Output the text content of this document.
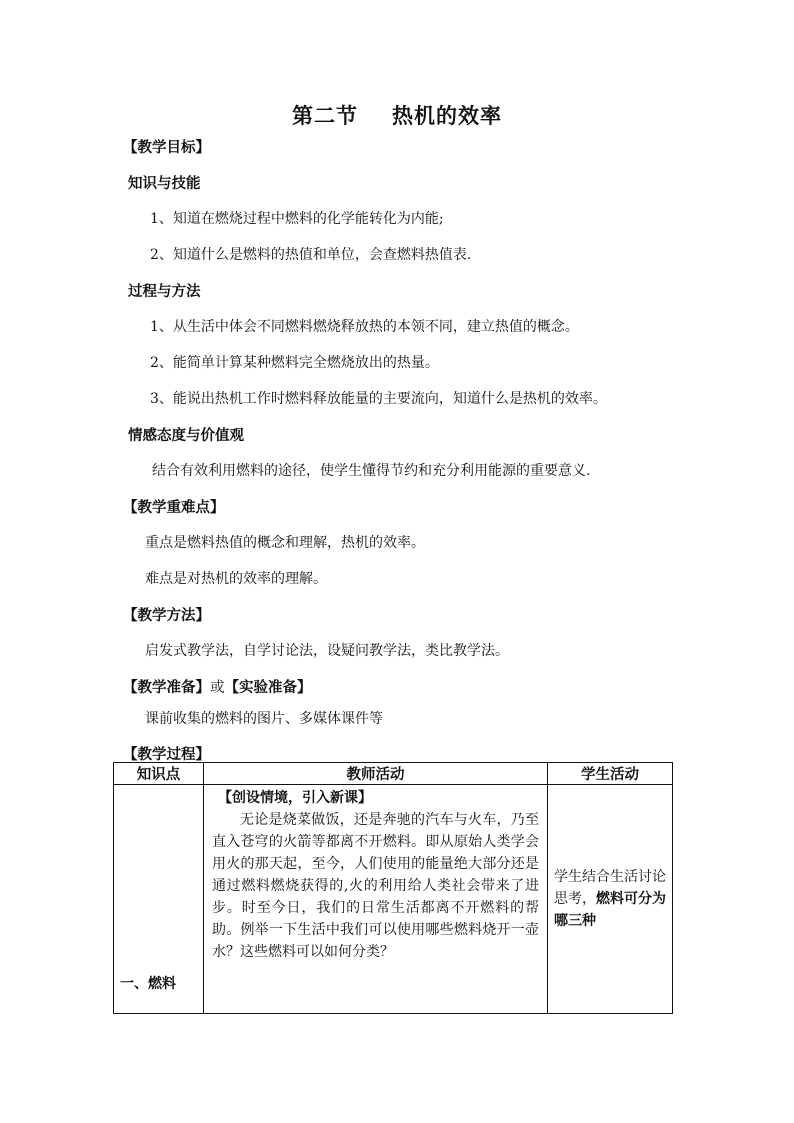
第二节 热机的效率
【教学目标】
知识与技能
1、知道在燃烧过程中燃料的化学能转化为内能;
2、知道什么是燃料的热值和单位，会查燃料热值表.
过程与方法
1、从生活中体会不同燃料燃烧释放热的本领不同，建立热值的概念。
2、能简单计算某种燃料完全燃烧放出的热量。
3、能说出热机工作时燃料释放能量的主要流向，知道什么是热机的效率。
情感态度与价值观
结合有效利用燃料的途径，使学生懂得节约和充分利用能源的重要意义.
【教学重难点】
重点是燃料热值的概念和理解，热机的效率。
难点是对热机的效率的理解。
【教学方法】
启发式教学法，自学讨论法，设疑问教学法，类比教学法。
【教学准备】或【实验准备】
课前收集的燃料的图片、多媒体课件等
【教学过程】
知识点	教师活动	学生活动

一、燃料	【创设情境，引入新课】
无论是烧菜做饭，还是奔驰的汽车与火车，乃至直入苍穹的火箭等都离不开燃料。即从原始人类学会用火的那天起，至今，人们使用的能量绝大部分还是通过燃料燃烧获得的,火的利用给人类社会带来了进步。时至今日，我们的日常生活都离不开燃料的帮助。例举一下生活中我们可以使用哪些燃料烧开一壶水？这些燃料可以如何分类？	学生结合生活讨论思考，燃料可分为哪三种
